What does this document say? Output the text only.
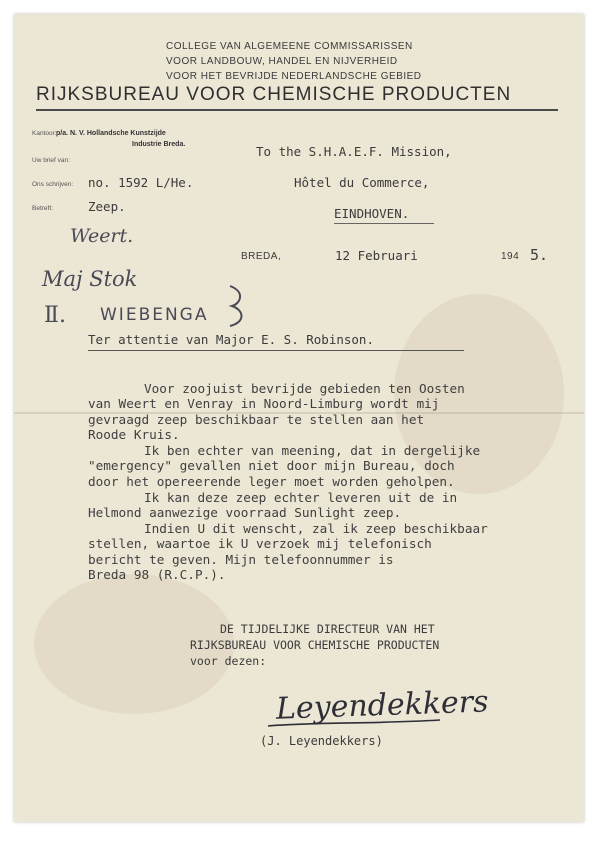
COLLEGE VAN ALGEMEENE COMMISSARISSEN
VOOR LANDBOUW, HANDEL EN NIJVERHEID
VOOR HET BEVRIJDE NEDERLANDSCHE GEBIED
RIJKSBUREAU VOOR CHEMISCHE PRODUCTEN
Kantoor: p/a. N. V. Hollandsche Kunstzijde
Industrie Breda.
Uw brief van:
Ons schrijven: no. 1592 L/He.
Betreft:	Zeep.
To the S.H.A.E.F. Mission,
Hôtel du Commerce,
EINDHOVEN.
BREDA,	12 Februari	194 5.
Weert.
Maj Stok
Ⅱ. WIEBENGA
Ter attentie van Major E. S. Robinson.
Voor zoojuist bevrijde gebieden ten Oosten
van Weert en Venray in Noord-Limburg wordt mij
gevraagd zeep beschikbaar te stellen aan het
Roode Kruis.
Ik ben echter van meening, dat in dergelijke
"emergency" gevallen niet door mijn Bureau, doch
door het opereerende leger moet worden geholpen.
Ik kan deze zeep echter leveren uit de in
Helmond aanwezige voorraad Sunlight zeep.
Indien U dit wenscht, zal ik zeep beschikbaar
stellen, waartoe ik U verzoek mij telefonisch
bericht te geven. Mijn telefoonnummer is
Breda 98 (R.C.P.).
DE TIJDELIJKE DIRECTEUR VAN HET
RIJKSBUREAU VOOR CHEMISCHE PRODUCTEN
voor dezen:
Leyendekkers
(J. Leyendekkers)
